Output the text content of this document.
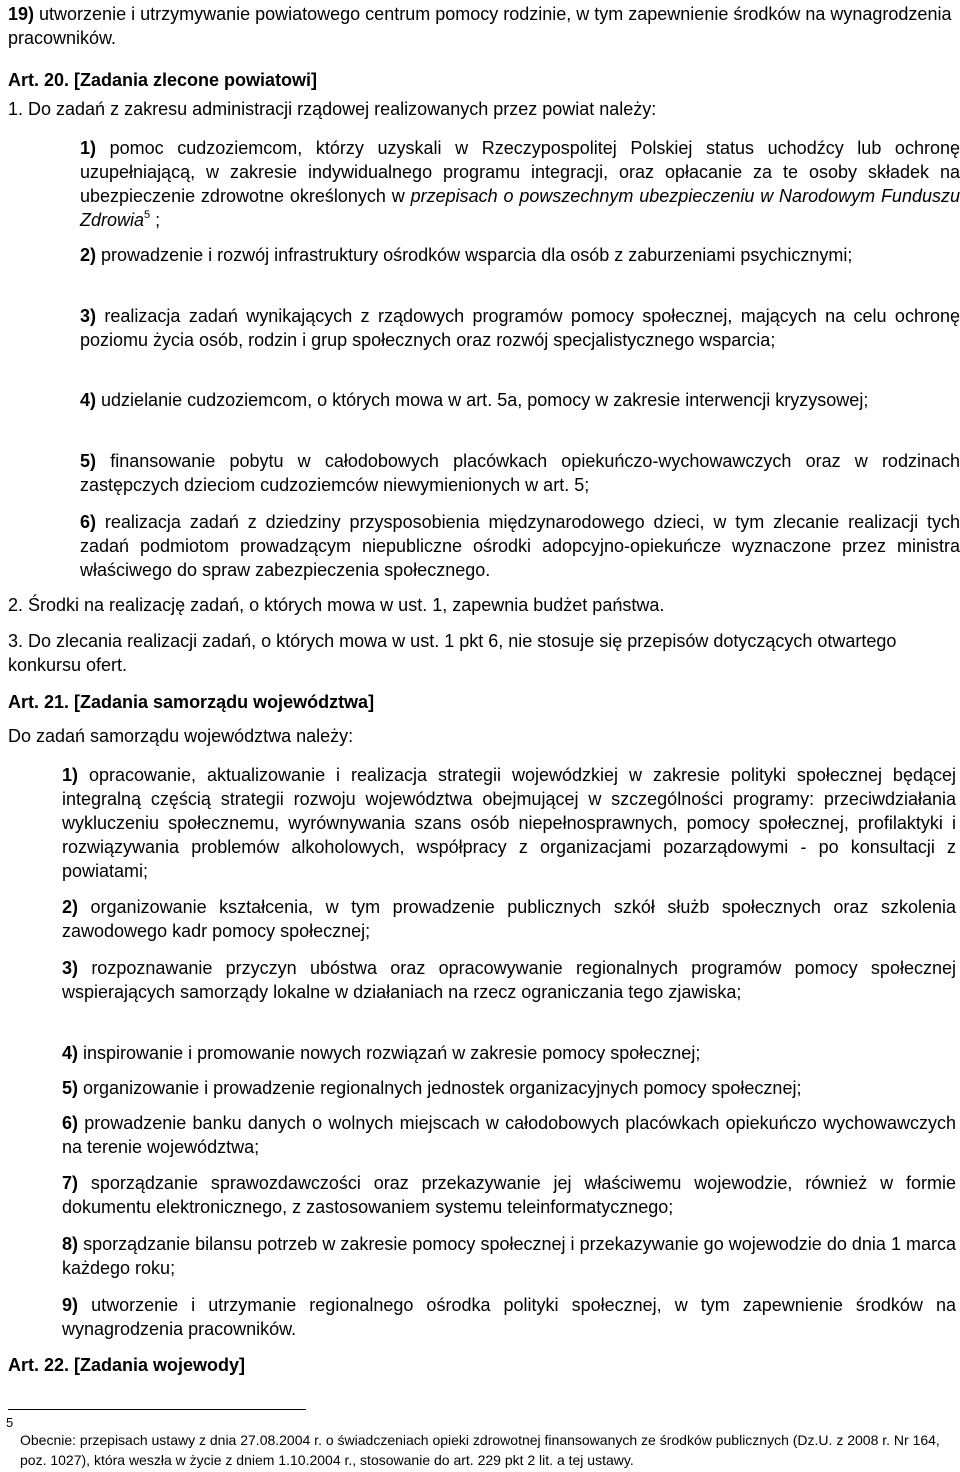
19) utworzenie i utrzymywanie powiatowego centrum pomocy rodzinie, w tym zapewnienie środków na wynagrodzenia pracowników.
Art. 20. [Zadania zlecone powiatowi]
1. Do zadań z zakresu administracji rządowej realizowanych przez powiat należy:
1) pomoc cudzoziemcom, którzy uzyskali w Rzeczypospolitej Polskiej status uchodźcy lub ochronę uzupełniającą, w zakresie indywidualnego programu integracji, oraz opłacanie za te osoby składek na ubezpieczenie zdrowotne określonych w przepisach o powszechnym ubezpieczeniu w Narodowym Funduszu Zdrowia$^5$ ;
2) prowadzenie i rozwój infrastruktury ośrodków wsparcia dla osób z zaburzeniami psychicznymi;
3) realizacja zadań wynikających z rządowych programów pomocy społecznej, mających na celu ochronę poziomu życia osób, rodzin i grup społecznych oraz rozwój specjalistycznego wsparcia;
4) udzielanie cudzoziemcom, o których mowa w art. 5a, pomocy w zakresie interwencji kryzysowej;
5) finansowanie pobytu w całodobowych placówkach opiekuńczo-wychowawczych oraz w rodzinach zastępczych dzieciom cudzoziemców niewymienionych w art. 5;
6) realizacja zadań z dziedziny przysposobienia międzynarodowego dzieci, w tym zlecanie realizacji tych zadań podmiotom prowadzącym niepubliczne ośrodki adopcyjno-opiekuńcze wyznaczone przez ministra właściwego do spraw zabezpieczenia społecznego.
2. Środki na realizację zadań, o których mowa w ust. 1, zapewnia budżet państwa.
3. Do zlecania realizacji zadań, o których mowa w ust. 1 pkt 6, nie stosuje się przepisów dotyczących otwartego konkursu ofert.
Art. 21. [Zadania samorządu województwa]
Do zadań samorządu województwa należy:
1) opracowanie, aktualizowanie i realizacja strategii wojewódzkiej w zakresie polityki społecznej będącej integralną częścią strategii rozwoju województwa obejmującej w szczególności programy: przeciwdziałania wykluczeniu społecznemu, wyrównywania szans osób niepełnosprawnych, pomocy społecznej, profilaktyki i rozwiązywania problemów alkoholowych, współpracy z organizacjami pozarządowymi - po konsultacji z powiatami;
2) organizowanie kształcenia, w tym prowadzenie publicznych szkół służb społecznych oraz szkolenia zawodowego kadr pomocy społecznej;
3) rozpoznawanie przyczyn ubóstwa oraz opracowywanie regionalnych programów pomocy społecznej wspierających samorządy lokalne w działaniach na rzecz ograniczania tego zjawiska;
4) inspirowanie i promowanie nowych rozwiązań w zakresie pomocy społecznej;
5) organizowanie i prowadzenie regionalnych jednostek organizacyjnych pomocy społecznej;
6) prowadzenie banku danych o wolnych miejscach w całodobowych placówkach opiekuńczo wychowawczych na terenie województwa;
7) sporządzanie sprawozdawczości oraz przekazywanie jej właściwemu wojewodzie, również w formie dokumentu elektronicznego, z zastosowaniem systemu teleinformatycznego;
8) sporządzanie bilansu potrzeb w zakresie pomocy społecznej i przekazywanie go wojewodzie do dnia 1 marca każdego roku;
9) utworzenie i utrzymanie regionalnego ośrodka polityki społecznej, w tym zapewnienie środków na wynagrodzenia pracowników.
Art. 22. [Zadania wojewody]
5
Obecnie: przepisach ustawy z dnia 27.08.2004 r. o świadczeniach opieki zdrowotnej finansowanych ze środków publicznych (Dz.U. z 2008 r. Nr 164, poz. 1027), która weszła w życie z dniem 1.10.2004 r., stosowanie do art. 229 pkt 2 lit. a tej ustawy.
